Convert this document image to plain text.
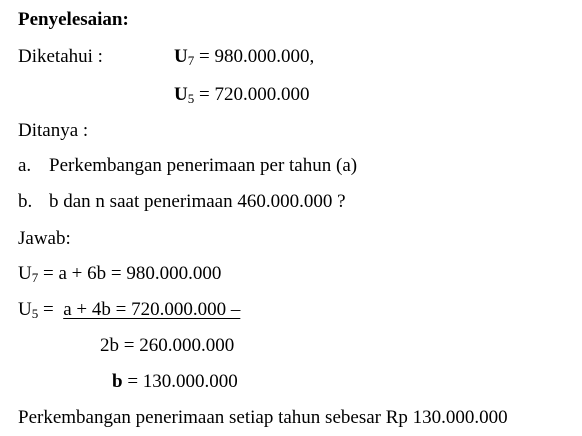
Penyelesaian:
Diketahui :	$U_7 = 980.000.000$,
$U_5 = 720.000.000$
Ditanya :
a. Perkembangan penerimaan per tahun (a)
b. b dan n saat penerimaan 460.000.000 ?
Jawab:
$U_7 = a + 6b = 980.000.000$
$U_5 = a + 4b = 720.000.000$ –
2b = 260.000.000
b = 130.000.000
Perkembangan penerimaan setiap tahun sebesar Rp 130.000.000
